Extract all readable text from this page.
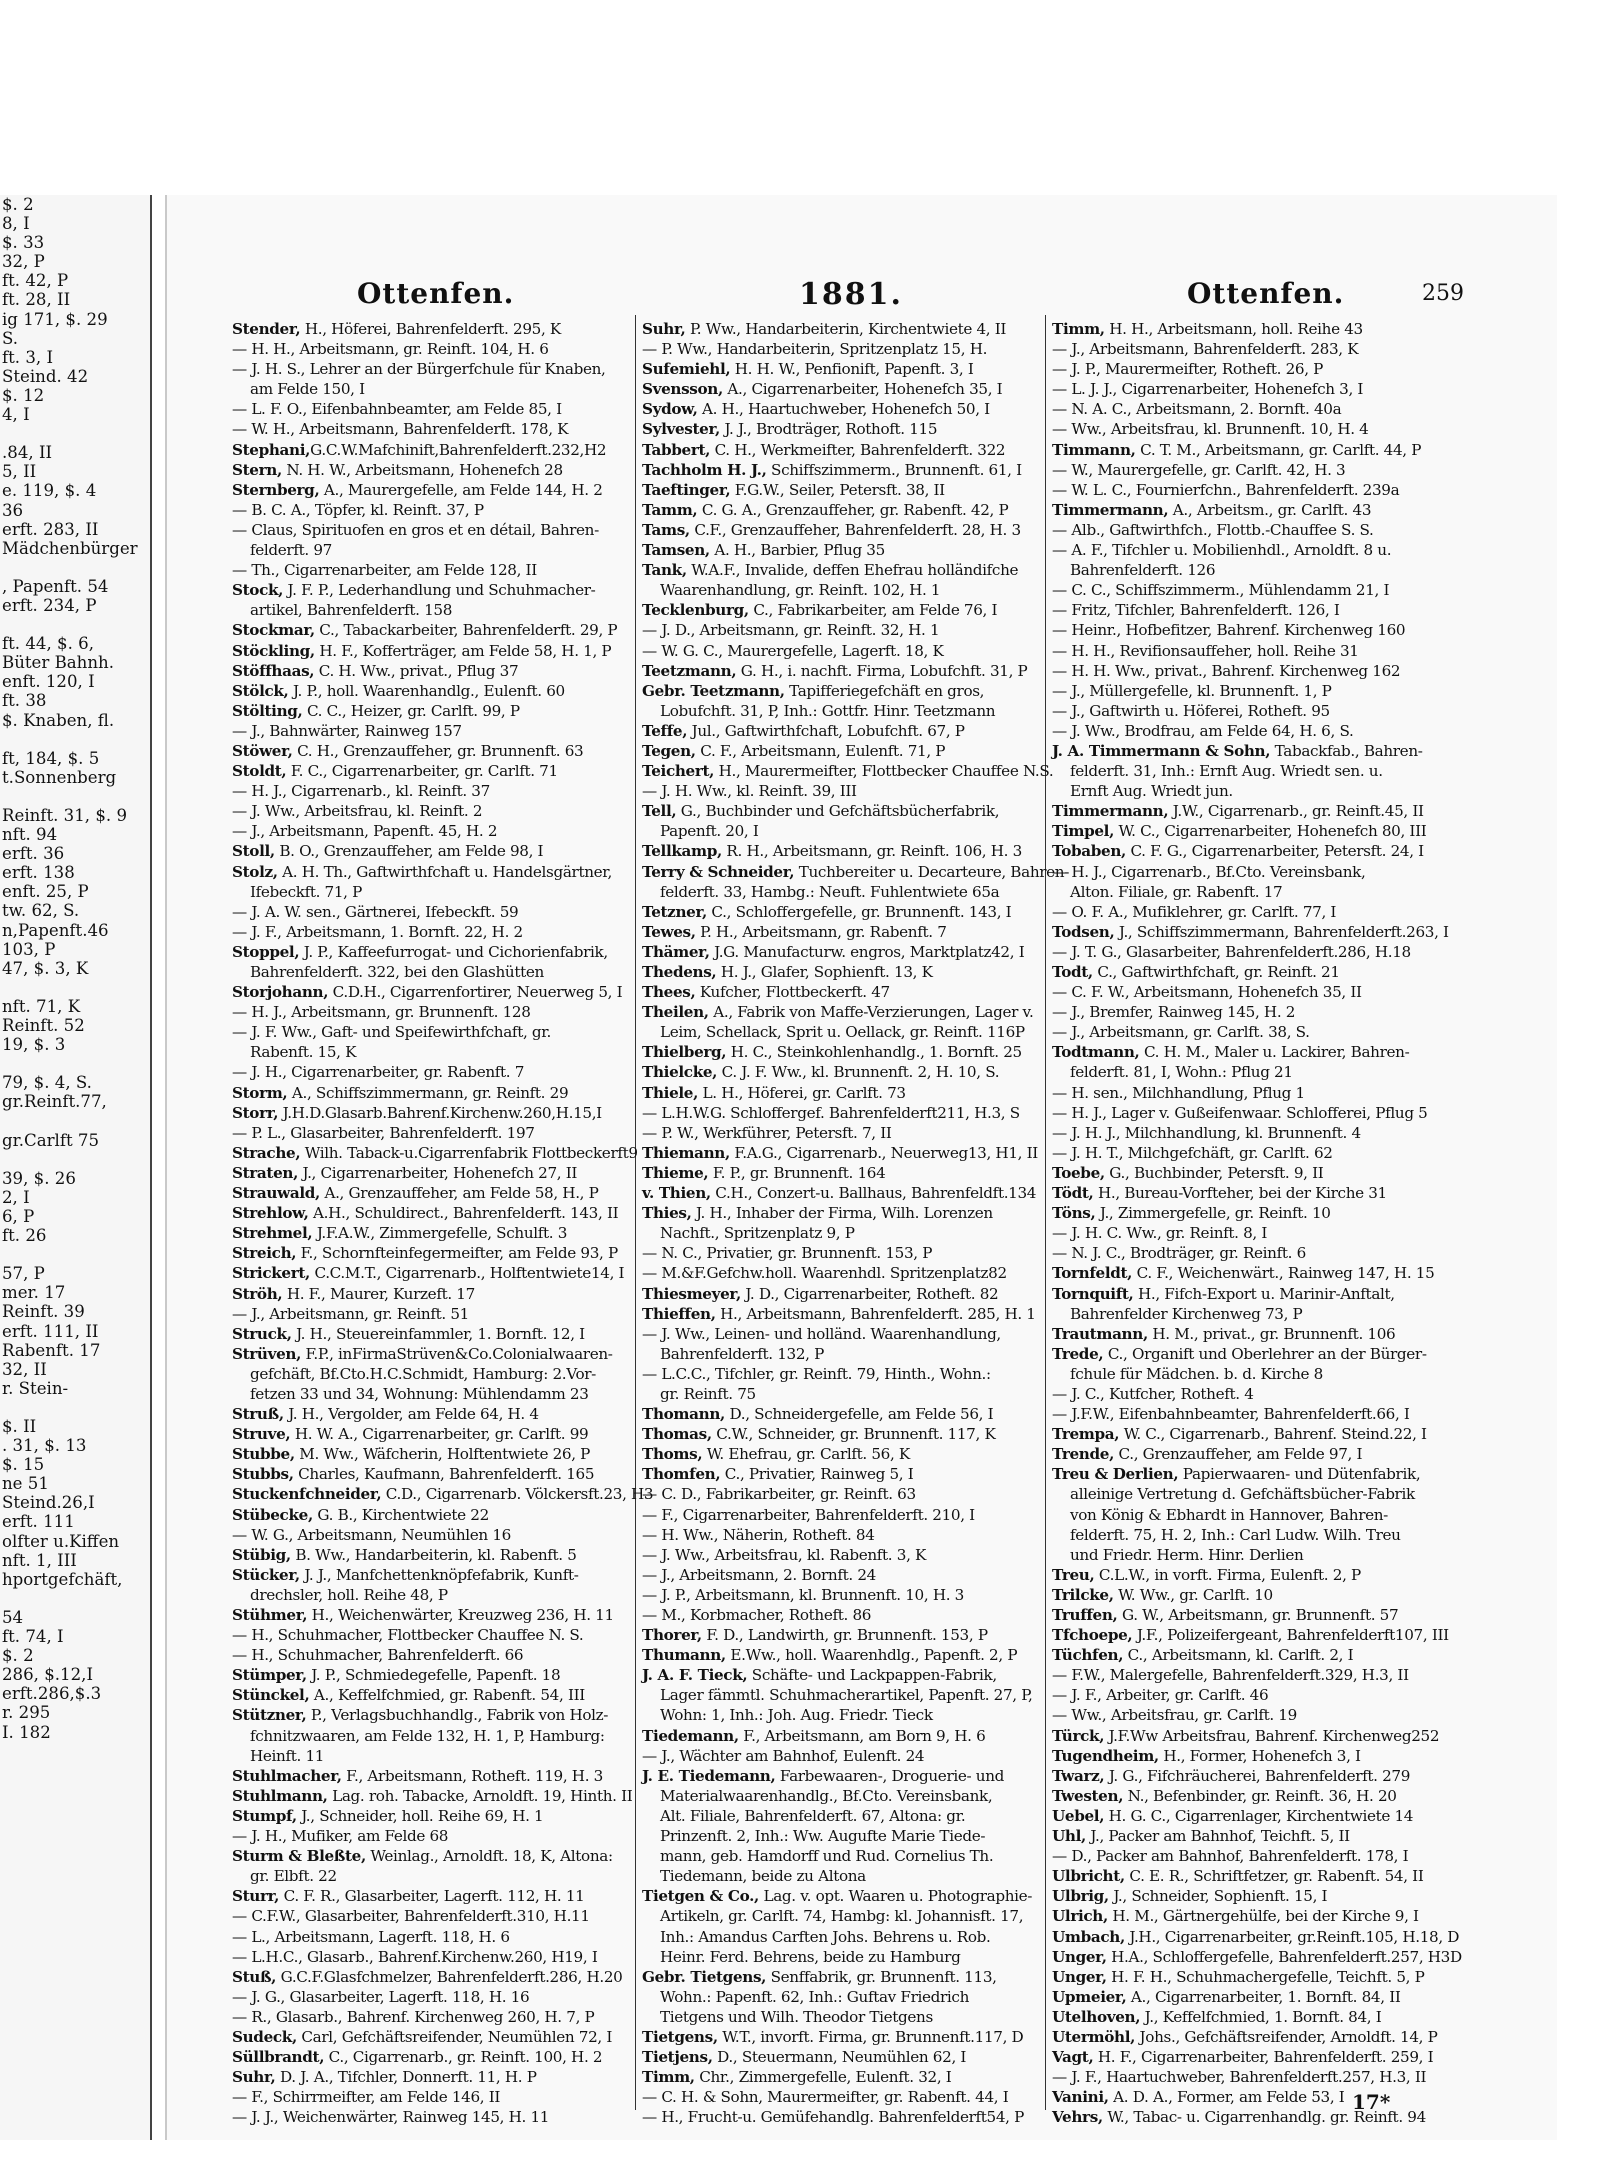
$. 2
8, I
$. 33
32, P
ft. 42, P
ft. 28, II
ig 171, $. 29
S.
ft. 3, I
Steind. 42
$. 12
4, I
.84, II
5, II
e. 119, $. 4
36
erft. 283, II
Mädchenbürger
, Papenft. 54
erft. 234, P
ft. 44, $. 6,
Büter Bahnh.
enft. 120, I
ft. 38
$. Knaben, fl.
ft, 184, $. 5
t.Sonnenberg
Reinft. 31, $. 9
nft. 94
erft. 36
erft. 138
enft. 25, P
tw. 62, S.
n,Papenft.46
103, P
47, $. 3, K
nft. 71, K
Reinft. 52
19, $. 3
79, $. 4, S.
gr.Reinft.77,
gr.Carlft 75
39, $. 26
2, I
6, P
ft. 26
57, P
mer. 17
Reinft. 39
erft. 111, II
Rabenft. 17
32, II
r. Stein-
$. II
. 31, $. 13
$. 15
ne 51
Steind.26,I
erft. 111
olfter u.Kiffen
nft. 1, III
hportgefchäft,
54
ft. 74, I
$. 2
286, $.12,I
erft.286,$.3
r. 295
I. 182
Ottenfen.	1881.	Ottenfen.	259
Stender, H., Höferei, Bahrenfelderft. 295, K
— H. H., Arbeitsmann, gr. Reinft. 104, H. 6
— J. H. S., Lehrer an der Bürgerfchule für Knaben,
am Felde 150, I
— L. F. O., Eifenbahnbeamter, am Felde 85, I
— W. H., Arbeitsmann, Bahrenfelderft. 178, K
Stephani,G.C.W.Mafchinift,Bahrenfelderft.232,H2
Stern, N. H. W., Arbeitsmann, Hohenefch 28
Sternberg, A., Maurergefelle, am Felde 144, H. 2
— B. C. A., Töpfer, kl. Reinft. 37, P
— Claus, Spirituofen en gros et en détail, Bahren-
felderft. 97
— Th., Cigarrenarbeiter, am Felde 128, II
Stock, J. F. P., Lederhandlung und Schuhmacher-
artikel, Bahrenfelderft. 158
Stockmar, C., Tabackarbeiter, Bahrenfelderft. 29, P
Stöckling, H. F., Kofferträger, am Felde 58, H. 1, P
Stöffhaas, C. H. Ww., privat., Pflug 37
Stölck, J. P., holl. Waarenhandlg., Eulenft. 60
Stölting, C. C., Heizer, gr. Carlft. 99, P
— J., Bahnwärter, Rainweg 157
Stöwer, C. H., Grenzauffeher, gr. Brunnenft. 63
Stoldt, F. C., Cigarrenarbeiter, gr. Carlft. 71
— H. J., Cigarrenarb., kl. Reinft. 37
— J. Ww., Arbeitsfrau, kl. Reinft. 2
— J., Arbeitsmann, Papenft. 45, H. 2
Stoll, B. O., Grenzauffeher, am Felde 98, I
Stolz, A. H. Th., Gaftwirthfchaft u. Handelsgärtner,
Ifebeckft. 71, P
— J. A. W. sen., Gärtnerei, Ifebeckft. 59
— J. F., Arbeitsmann, 1. Bornft. 22, H. 2
Stoppel, J. P., Kaffeefurrogat- und Cichorienfabrik,
Bahrenfelderft. 322, bei den Glashütten
Storjohann, C.D.H., Cigarrenfortirer, Neuerweg 5, I
— H. J., Arbeitsmann, gr. Brunnenft. 128
— J. F. Ww., Gaft- und Speifewirthfchaft, gr.
Rabenft. 15, K
— J. H., Cigarrenarbeiter, gr. Rabenft. 7
Storm, A., Schiffszimmermann, gr. Reinft. 29
Storr, J.H.D.Glasarb.Bahrenf.Kirchenw.260,H.15,I
— P. L., Glasarbeiter, Bahrenfelderft. 197
Strache, Wilh. Taback-u.Cigarrenfabrik Flottbeckerft9
Straten, J., Cigarrenarbeiter, Hohenefch 27, II
Strauwald, A., Grenzauffeher, am Felde 58, H., P
Strehlow, A.H., Schuldirect., Bahrenfelderft. 143, II
Strehmel, J.F.A.W., Zimmergefelle, Schulft. 3
Streich, F., Schornfteinfegermeifter, am Felde 93, P
Strickert, C.C.M.T., Cigarrenarb., Holftentwiete14, I
Ströh, H. F., Maurer, Kurzeft. 17
— J., Arbeitsmann, gr. Reinft. 51
Struck, J. H., Steuereinfammler, 1. Bornft. 12, I
Strüven, F.P., inFirmaStrüven&Co.Colonialwaaren-
gefchäft, Bf.Cto.H.C.Schmidt, Hamburg: 2.Vor-
fetzen 33 und 34, Wohnung: Mühlendamm 23
Struß, J. H., Vergolder, am Felde 64, H. 4
Struve, H. W. A., Cigarrenarbeiter, gr. Carlft. 99
Stubbe, M. Ww., Wäfcherin, Holftentwiete 26, P
Stubbs, Charles, Kaufmann, Bahrenfelderft. 165
Stuckenfchneider, C.D., Cigarrenarb. Völckersft.23, H3
Stübecke, G. B., Kirchentwiete 22
— W. G., Arbeitsmann, Neumühlen 16
Stübig, B. Ww., Handarbeiterin, kl. Rabenft. 5
Stücker, J. J., Manfchettenknöpfefabrik, Kunft-
drechsler, holl. Reihe 48, P
Stühmer, H., Weichenwärter, Kreuzweg 236, H. 11
— H., Schuhmacher, Flottbecker Chauffee N. S.
— H., Schuhmacher, Bahrenfelderft. 66
Stümper, J. P., Schmiedegefelle, Papenft. 18
Stünckel, A., Keffelfchmied, gr. Rabenft. 54, III
Stützner, P., Verlagsbuchhandlg., Fabrik von Holz-
fchnitzwaaren, am Felde 132, H. 1, P, Hamburg:
Heinft. 11
Stuhlmacher, F., Arbeitsmann, Rotheft. 119, H. 3
Stuhlmann, Lag. roh. Tabacke, Arnoldft. 19, Hinth. II
Stumpf, J., Schneider, holl. Reihe 69, H. 1
— J. H., Mufiker, am Felde 68
Sturm & Bleßte, Weinlag., Arnoldft. 18, K, Altona:
gr. Elbft. 22
Sturr, C. F. R., Glasarbeiter, Lagerft. 112, H. 11
— C.F.W., Glasarbeiter, Bahrenfelderft.310, H.11
— L., Arbeitsmann, Lagerft. 118, H. 6
— L.H.C., Glasarb., Bahrenf.Kirchenw.260, H19, I
Stuß, G.C.F.Glasfchmelzer, Bahrenfelderft.286, H.20
— J. G., Glasarbeiter, Lagerft. 118, H. 16
— R., Glasarb., Bahrenf. Kirchenweg 260, H. 7, P
Sudeck, Carl, Gefchäftsreifender, Neumühlen 72, I
Süllbrandt, C., Cigarrenarb., gr. Reinft. 100, H. 2
Suhr, D. J. A., Tifchler, Donnerft. 11, H. P
— F., Schirrmeifter, am Felde 146, II
— J. J., Weichenwärter, Rainweg 145, H. 11
Suhr, P. Ww., Handarbeiterin, Kirchentwiete 4, II
— P. Ww., Handarbeiterin, Spritzenplatz 15, H.
Sufemiehl, H. H. W., Penfionift, Papenft. 3, I
Svensson, A., Cigarrenarbeiter, Hohenefch 35, I
Sydow, A. H., Haartuchweber, Hohenefch 50, I
Sylvester, J. J., Brodträger, Rothoft. 115
Tabbert, C. H., Werkmeifter, Bahrenfelderft. 322
Tachholm H. J., Schiffszimmerm., Brunnenft. 61, I
Taeftinger, F.G.W., Seiler, Petersft. 38, II
Tamm, C. G. A., Grenzauffeher, gr. Rabenft. 42, P
Tams, C.F., Grenzauffeher, Bahrenfelderft. 28, H. 3
Tamsen, A. H., Barbier, Pflug 35
Tank, W.A.F., Invalide, deffen Ehefrau holländifche
Waarenhandlung, gr. Reinft. 102, H. 1
Tecklenburg, C., Fabrikarbeiter, am Felde 76, I
— J. D., Arbeitsmann, gr. Reinft. 32, H. 1
— W. G. C., Maurergefelle, Lagerft. 18, K
Teetzmann, G. H., i. nachft. Firma, Lobufchft. 31, P
Gebr. Teetzmann, Tapifferiegefchäft en gros,
Lobufchft. 31, P, Inh.: Gottfr. Hinr. Teetzmann
Teffe, Jul., Gaftwirthfchaft, Lobufchft. 67, P
Tegen, C. F., Arbeitsmann, Eulenft. 71, P
Teichert, H., Maurermeifter, Flottbecker Chauffee N.S.
— J. H. Ww., kl. Reinft. 39, III
Tell, G., Buchbinder und Gefchäftsbücherfabrik,
Papenft. 20, I
Tellkamp, R. H., Arbeitsmann, gr. Reinft. 106, H. 3
Terry & Schneider, Tuchbereiter u. Decarteure, Bahren-
felderft. 33, Hambg.: Neuft. Fuhlentwiete 65a
Tetzner, C., Schloffergefelle, gr. Brunnenft. 143, I
Tewes, P. H., Arbeitsmann, gr. Rabenft. 7
Thämer, J.G. Manufacturw. engros, Marktplatz42, I
Thedens, H. J., Glafer, Sophienft. 13, K
Thees, Kufcher, Flottbeckerft. 47
Theilen, A., Fabrik von Maffe-Verzierungen, Lager v.
Leim, Schellack, Sprit u. Oellack, gr. Reinft. 116P
Thielberg, H. C., Steinkohlenhandlg., 1. Bornft. 25
Thielcke, C. J. F. Ww., kl. Brunnenft. 2, H. 10, S.
Thiele, L. H., Höferei, gr. Carlft. 73
— L.H.W.G. Schloffergef. Bahrenfelderft211, H.3, S
— P. W., Werkführer, Petersft. 7, II
Thiemann, F.A.G., Cigarrenarb., Neuerweg13, H1, II
Thieme, F. P., gr. Brunnenft. 164
v. Thien, C.H., Conzert-u. Ballhaus, Bahrenfeldft.134
Thies, J. H., Inhaber der Firma, Wilh. Lorenzen
Nachft., Spritzenplatz 9, P
— N. C., Privatier, gr. Brunnenft. 153, P
— M.&F.Gefchw.holl. Waarenhdl. Spritzenplatz82
Thiesmeyer, J. D., Cigarrenarbeiter, Rotheft. 82
Thieffen, H., Arbeitsmann, Bahrenfelderft. 285, H. 1
— J. Ww., Leinen- und holländ. Waarenhandlung,
Bahrenfelderft. 132, P
— L.C.C., Tifchler, gr. Reinft. 79, Hinth., Wohn.:
gr. Reinft. 75
Thomann, D., Schneidergefelle, am Felde 56, I
Thomas, C.W., Schneider, gr. Brunnenft. 117, K
Thoms, W. Ehefrau, gr. Carlft. 56, K
Thomfen, C., Privatier, Rainweg 5, I
— C. D., Fabrikarbeiter, gr. Reinft. 63
— F., Cigarrenarbeiter, Bahrenfelderft. 210, I
— H. Ww., Näherin, Rotheft. 84
— J. Ww., Arbeitsfrau, kl. Rabenft. 3, K
— J., Arbeitsmann, 2. Bornft. 24
— J. P., Arbeitsmann, kl. Brunnenft. 10, H. 3
— M., Korbmacher, Rotheft. 86
Thorer, F. D., Landwirth, gr. Brunnenft. 153, P
Thumann, E.Ww., holl. Waarenhdlg., Papenft. 2, P
J. A. F. Tieck, Schäfte- und Lackpappen-Fabrik,
Lager fämmtl. Schuhmacherartikel, Papenft. 27, P,
Wohn: 1, Inh.: Joh. Aug. Friedr. Tieck
Tiedemann, F., Arbeitsmann, am Born 9, H. 6
— J., Wächter am Bahnhof, Eulenft. 24
J. E. Tiedemann, Farbewaaren-, Droguerie- und
Materialwaarenhandlg., Bf.Cto. Vereinsbank,
Alt. Filiale, Bahrenfelderft. 67, Altona: gr.
Prinzenft. 2, Inh.: Ww. Augufte Marie Tiede-
mann, geb. Hamdorff und Rud. Cornelius Th.
Tiedemann, beide zu Altona
Tietgen & Co., Lag. v. opt. Waaren u. Photographie-
Artikeln, gr. Carlft. 74, Hambg: kl. Johannisft. 17,
Inh.: Amandus Carften Johs. Behrens u. Rob.
Heinr. Ferd. Behrens, beide zu Hamburg
Gebr. Tietgens, Senffabrik, gr. Brunnenft. 113,
Wohn.: Papenft. 62, Inh.: Guftav Friedrich
Tietgens und Wilh. Theodor Tietgens
Tietgens, W.T., invorft. Firma, gr. Brunnenft.117, D
Tietjens, D., Steuermann, Neumühlen 62, I
Timm, Chr., Zimmergefelle, Eulenft. 32, I
— C. H. & Sohn, Maurermeifter, gr. Rabenft. 44, I
— H., Frucht-u. Gemüfehandlg. Bahrenfelderft54, P
Timm, H. H., Arbeitsmann, holl. Reihe 43
— J., Arbeitsmann, Bahrenfelderft. 283, K
— J. P., Maurermeifter, Rotheft. 26, P
— L. J. J., Cigarrenarbeiter, Hohenefch 3, I
— N. A. C., Arbeitsmann, 2. Bornft. 40a
— Ww., Arbeitsfrau, kl. Brunnenft. 10, H. 4
Timmann, C. T. M., Arbeitsmann, gr. Carlft. 44, P
— W., Maurergefelle, gr. Carlft. 42, H. 3
— W. L. C., Fournierfchn., Bahrenfelderft. 239a
Timmermann, A., Arbeitsm., gr. Carlft. 43
— Alb., Gaftwirthfch., Flottb.-Chauffee S. S.
— A. F., Tifchler u. Mobilienhdl., Arnoldft. 8 u.
Bahrenfelderft. 126
— C. C., Schiffszimmerm., Mühlendamm 21, I
— Fritz, Tifchler, Bahrenfelderft. 126, I
— Heinr., Hofbefitzer, Bahrenf. Kirchenweg 160
— H. H., Revifionsauffeher, holl. Reihe 31
— H. H. Ww., privat., Bahrenf. Kirchenweg 162
— J., Müllergefelle, kl. Brunnenft. 1, P
— J., Gaftwirth u. Höferei, Rotheft. 95
— J. Ww., Brodfrau, am Felde 64, H. 6, S.
J. A. Timmermann & Sohn, Tabackfab., Bahren-
felderft. 31, Inh.: Ernft Aug. Wriedt sen. u.
Ernft Aug. Wriedt jun.
Timmermann, J.W., Cigarrenarb., gr. Reinft.45, II
Timpel, W. C., Cigarrenarbeiter, Hohenefch 80, III
Tobaben, C. F. G., Cigarrenarbeiter, Petersft. 24, I
— H. J., Cigarrenarb., Bf.Cto. Vereinsbank,
Alton. Filiale, gr. Rabenft. 17
— O. F. A., Mufiklehrer, gr. Carlft. 77, I
Todsen, J., Schiffszimmermann, Bahrenfelderft.263, I
— J. T. G., Glasarbeiter, Bahrenfelderft.286, H.18
Todt, C., Gaftwirthfchaft, gr. Reinft. 21
— C. F. W., Arbeitsmann, Hohenefch 35, II
— J., Bremfer, Rainweg 145, H. 2
— J., Arbeitsmann, gr. Carlft. 38, S.
Todtmann, C. H. M., Maler u. Lackirer, Bahren-
felderft. 81, I, Wohn.: Pflug 21
— H. sen., Milchhandlung, Pflug 1
— H. J., Lager v. Gußeifenwaar. Schlofferei, Pflug 5
— J. H. J., Milchhandlung, kl. Brunnenft. 4
— J. H. T., Milchgefchäft, gr. Carlft. 62
Toebe, G., Buchbinder, Petersft. 9, II
Tödt, H., Bureau-Vorfteher, bei der Kirche 31
Töns, J., Zimmergefelle, gr. Reinft. 10
— J. H. C. Ww., gr. Reinft. 8, I
— N. J. C., Brodträger, gr. Reinft. 6
Tornfeldt, C. F., Weichenwärt., Rainweg 147, H. 15
Tornquift, H., Fifch-Export u. Marinir-Anftalt,
Bahrenfelder Kirchenweg 73, P
Trautmann, H. M., privat., gr. Brunnenft. 106
Trede, C., Organift und Oberlehrer an der Bürger-
fchule für Mädchen. b. d. Kirche 8
— J. C., Kutfcher, Rotheft. 4
— J.F.W., Eifenbahnbeamter, Bahrenfelderft.66, I
Trempa, W. C., Cigarrenarb., Bahrenf. Steind.22, I
Trende, C., Grenzauffeher, am Felde 97, I
Treu & Derlien, Papierwaaren- und Dütenfabrik,
alleinige Vertretung d. Gefchäftsbücher-Fabrik
von König & Ebhardt in Hannover, Bahren-
felderft. 75, H. 2, Inh.: Carl Ludw. Wilh. Treu
und Friedr. Herm. Hinr. Derlien
Treu, C.L.W., in vorft. Firma, Eulenft. 2, P
Trilcke, W. Ww., gr. Carlft. 10
Truffen, G. W., Arbeitsmann, gr. Brunnenft. 57
Tfchoepe, J.F., Polizeifergeant, Bahrenfelderft107, III
Tüchfen, C., Arbeitsmann, kl. Carlft. 2, I
— F.W., Malergefelle, Bahrenfelderft.329, H.3, II
— J. F., Arbeiter, gr. Carlft. 46
— Ww., Arbeitsfrau, gr. Carlft. 19
Türck, J.F.Ww Arbeitsfrau, Bahrenf. Kirchenweg252
Tugendheim, H., Former, Hohenefch 3, I
Twarz, J. G., Fifchräucherei, Bahrenfelderft. 279
Twesten, N., Befenbinder, gr. Reinft. 36, H. 20
Uebel, H. G. C., Cigarrenlager, Kirchentwiete 14
Uhl, J., Packer am Bahnhof, Teichft. 5, II
— D., Packer am Bahnhof, Bahrenfelderft. 178, I
Ulbricht, C. E. R., Schriftfetzer, gr. Rabenft. 54, II
Ulbrig, J., Schneider, Sophienft. 15, I
Ulrich, H. M., Gärtnergehülfe, bei der Kirche 9, I
Umbach, J.H., Cigarrenarbeiter, gr.Reinft.105, H.18, D
Unger, H.A., Schloffergefelle, Bahrenfelderft.257, H3D
Unger, H. F. H., Schuhmachergefelle, Teichft. 5, P
Upmeier, A., Cigarrenarbeiter, 1. Bornft. 84, II
Utelhoven, J., Keffelfchmied, 1. Bornft. 84, I
Utermöhl, Johs., Gefchäftsreifender, Arnoldft. 14, P
Vagt, H. F., Cigarrenarbeiter, Bahrenfelderft. 259, I
— J. F., Haartuchweber, Bahrenfelderft.257, H.3, II
Vanini, A. D. A., Former, am Felde 53, I
Vehrs, W., Tabac- u. Cigarrenhandlg. gr. Reinft. 94
17*
